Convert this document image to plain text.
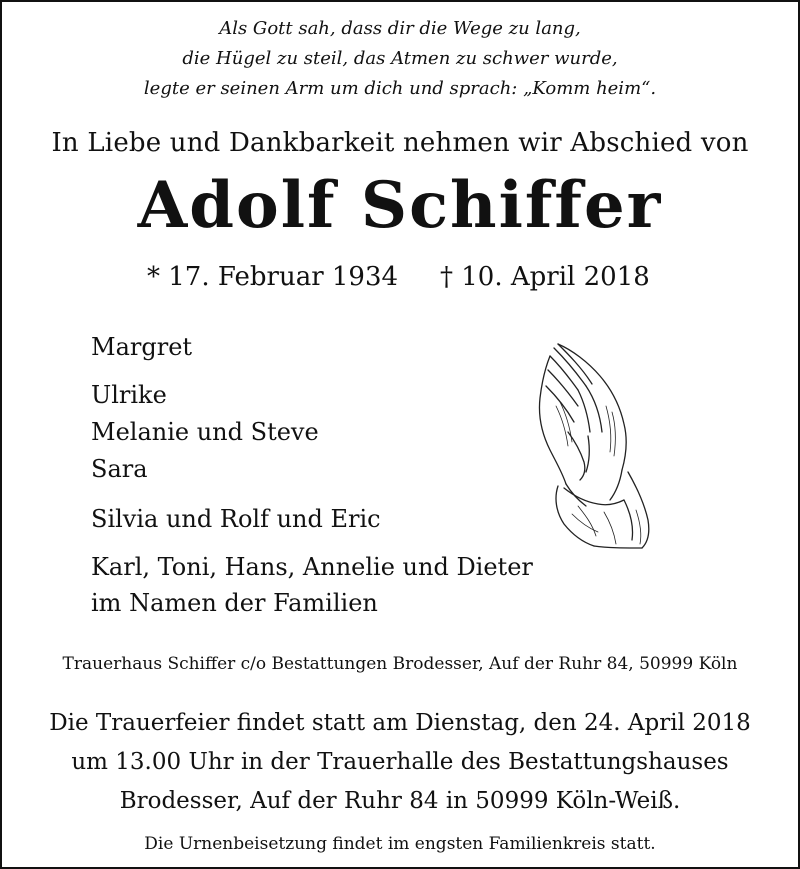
Als Gott sah, dass dir die Wege zu lang,
die Hügel zu steil, das Atmen zu schwer wurde,
legte er seinen Arm um dich und sprach: „Komm heim“.
In Liebe und Dankbarkeit nehmen wir Abschied von
Adolf Schiffer
* 17. Februar 1934 † 10. April 2018
Margret
Ulrike
Melanie und Steve
Sara
Silvia und Rolf und Eric
Karl, Toni, Hans, Annelie und Dieter
im Namen der Familien
Trauerhaus Schiffer c/o Bestattungen Brodesser, Auf der Ruhr 84, 50999 Köln
Die Trauerfeier findet statt am Dienstag, den 24. April 2018
um 13.00 Uhr in der Trauerhalle des Bestattungshauses
Brodesser, Auf der Ruhr 84 in 50999 Köln-Weiß.
Die Urnenbeisetzung findet im engsten Familienkreis statt.
